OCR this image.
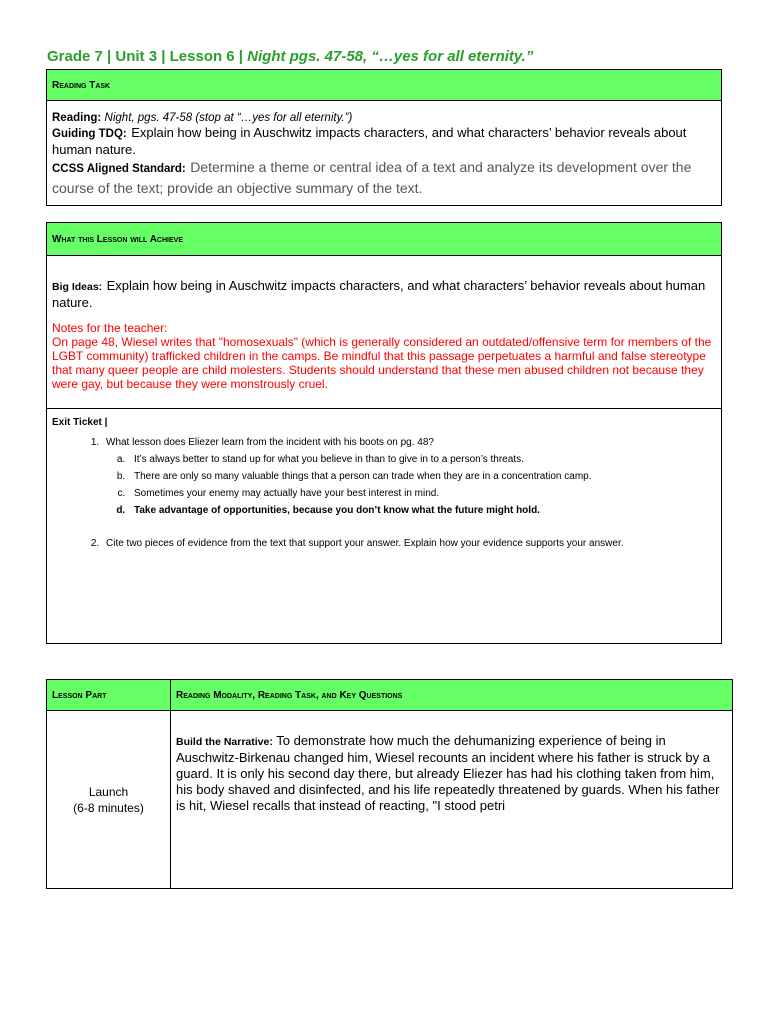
Grade 7 | Unit 3 | Lesson 6 | Night pgs. 47-58, “…yes for all eternity.”
Reading Task
Reading: Night, pgs. 47-58 (stop at “…yes for all eternity.”)
Guiding TDQ: Explain how being in Auschwitz impacts characters, and what characters’ behavior reveals about human nature.
CCSS Aligned Standard: Determine a theme or central idea of a text and analyze its development over the course of the text; provide an objective summary of the text.
What this Lesson will Achieve
Big Ideas: Explain how being in Auschwitz impacts characters, and what characters’ behavior reveals about human nature.
Notes for the teacher:
On page 48, Wiesel writes that "homosexuals" (which is generally considered an outdated/offensive term for members of the LGBT community) trafficked children in the camps. Be mindful that this passage perpetuates a harmful and false stereotype that many queer people are child molesters. Students should understand that these men abused children not because they were gay, but because they were monstrously cruel.
Exit Ticket |
1. What lesson does Eliezer learn from the incident with his boots on pg. 48?
a. It’s always better to stand up for what you believe in than to give in to a person’s threats.
b. There are only so many valuable things that a person can trade when they are in a concentration camp.
c. Sometimes your enemy may actually have your best interest in mind.
d. Take advantage of opportunities, because you don’t know what the future might hold.
2. Cite two pieces of evidence from the text that support your answer. Explain how your evidence supports your answer.
Lesson Part	Reading Modality, Reading Task, and Key Questions

Launch
(6-8 minutes)	Build the Narrative: To demonstrate how much the dehumanizing experience of being in Auschwitz-Birkenau changed him, Wiesel recounts an incident where his father is struck by a guard. It is only his second day there, but already Eliezer has had his clothing taken from him, his body shaved and disinfected, and his life repeatedly threatened by guards. When his father is hit, Wiesel recalls that instead of reacting, "I stood petri
